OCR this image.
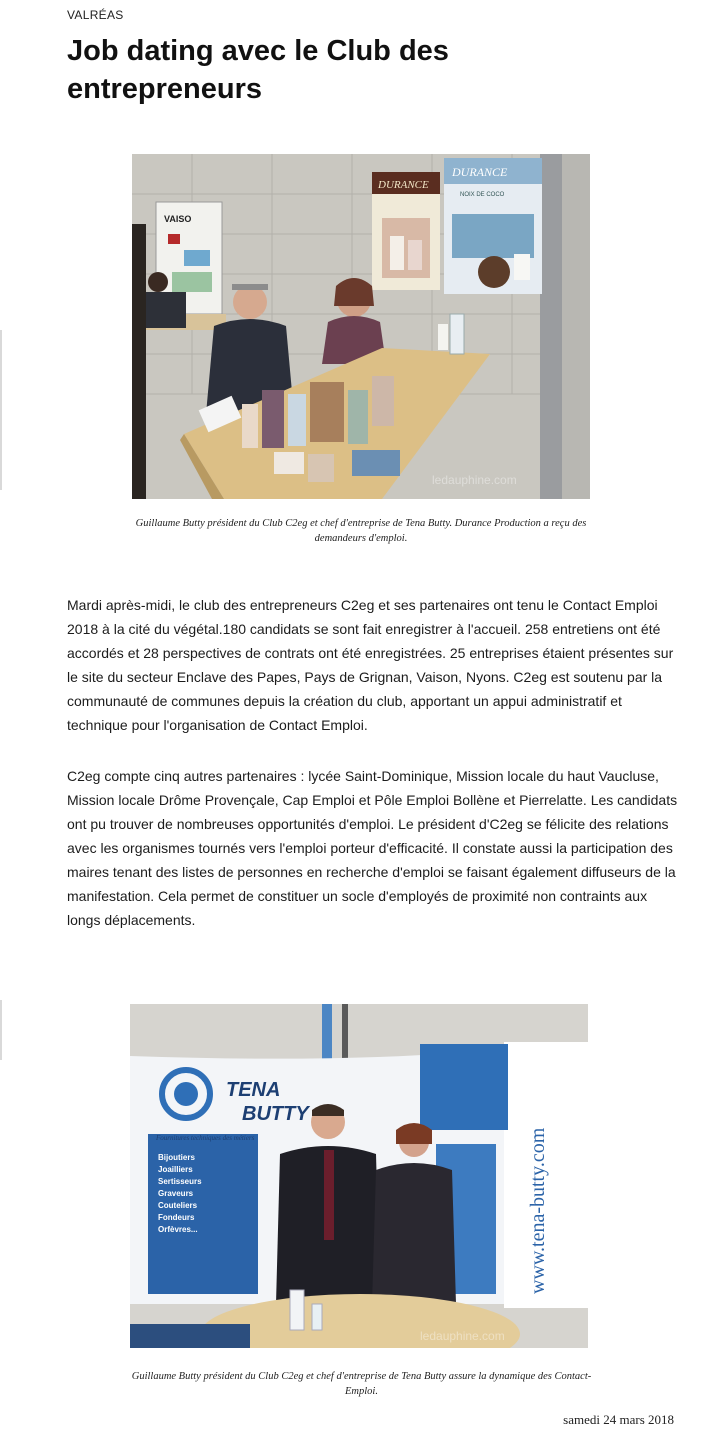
VALRÉAS
Job dating avec le Club des entrepreneurs
VAISO
DURANCE
DURANCE
NOIX DE COCO
ledauphine.com
Guillaume Butty président du Club C2eg et chef d'entreprise de Tena Butty. Durance Production a reçu des demandeurs d'emploi.

Mardi après-midi, le club des entrepreneurs C2eg et ses partenaires ont tenu le Contact Emploi 2018 à la cité du végétal.180 candidats se sont fait enregistrer à l'accueil. 258 entretiens ont été accordés et 28 perspectives de contrats ont été enregistrées. 25 entreprises étaient présentes sur le site du secteur Enclave des Papes, Pays de Grignan, Vaison, Nyons. C2eg est soutenu par la communauté de communes depuis la création du club, apportant un appui administratif et technique pour l'organisation de Contact Emploi.

C2eg compte cinq autres partenaires : lycée Saint-Dominique, Mission locale du haut Vaucluse, Mission locale Drôme Provençale, Cap Emploi et Pôle Emploi Bollène et Pierrelatte. Les candidats ont pu trouver de nombreuses opportunités d'emploi. Le président d'C2eg se félicite des relations avec les organismes tournés vers l'emploi porteur d'efficacité. Il constate aussi la participation des maires tenant des listes de personnes en recherche d'emploi se faisant également diffuseurs de la manifestation. Cela permet de constituer un socle d'employés de proximité non contraints aux longs déplacements.

TENA
BUTTY
Fournitures techniques des métiers
Bijoutiers
Joailliers
Sertisseurs
Graveurs
Couteliers
Fondeurs
Orfèvres...	www.tena-butty.com
ledauphine.com
Guillaume Butty président du Club C2eg et chef d'entreprise de Tena Butty assure la dynamique des Contact-Emploi.
samedi 24 mars 2018
